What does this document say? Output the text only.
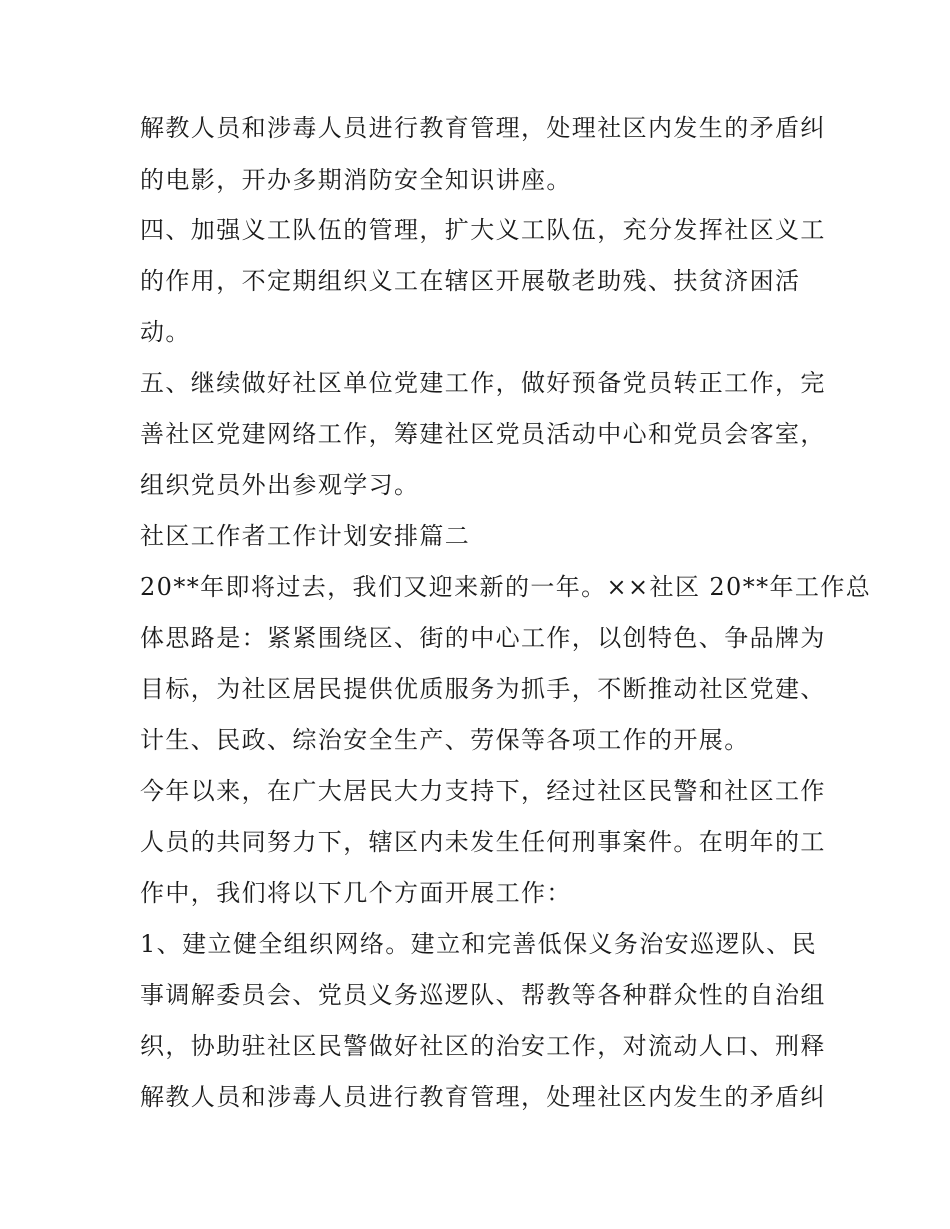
解教人员和涉毒人员进行教育管理，处理社区内发生的矛盾纠
的电影，开办多期消防安全知识讲座。
四、加强义工队伍的管理，扩大义工队伍，充分发挥社区义工
的作用，不定期组织义工在辖区开展敬老助残、扶贫济困活
动。
五、继续做好社区单位党建工作，做好预备党员转正工作，完
善社区党建网络工作，筹建社区党员活动中心和党员会客室，
组织党员外出参观学习。
社区工作者工作计划安排篇二
20**年即将过去，我们又迎来新的一年。××社区 20**年工作总
体思路是：紧紧围绕区、街的中心工作，以创特色、争品牌为
目标，为社区居民提供优质服务为抓手，不断推动社区党建、
计生、民政、综治安全生产、劳保等各项工作的开展。
今年以来，在广大居民大力支持下，经过社区民警和社区工作
人员的共同努力下，辖区内未发生任何刑事案件。在明年的工
作中，我们将以下几个方面开展工作：
1、建立健全组织网络。建立和完善低保义务治安巡逻队、民
事调解委员会、党员义务巡逻队、帮教等各种群众性的自治组
织，协助驻社区民警做好社区的治安工作，对流动人口、刑释
解教人员和涉毒人员进行教育管理，处理社区内发生的矛盾纠
